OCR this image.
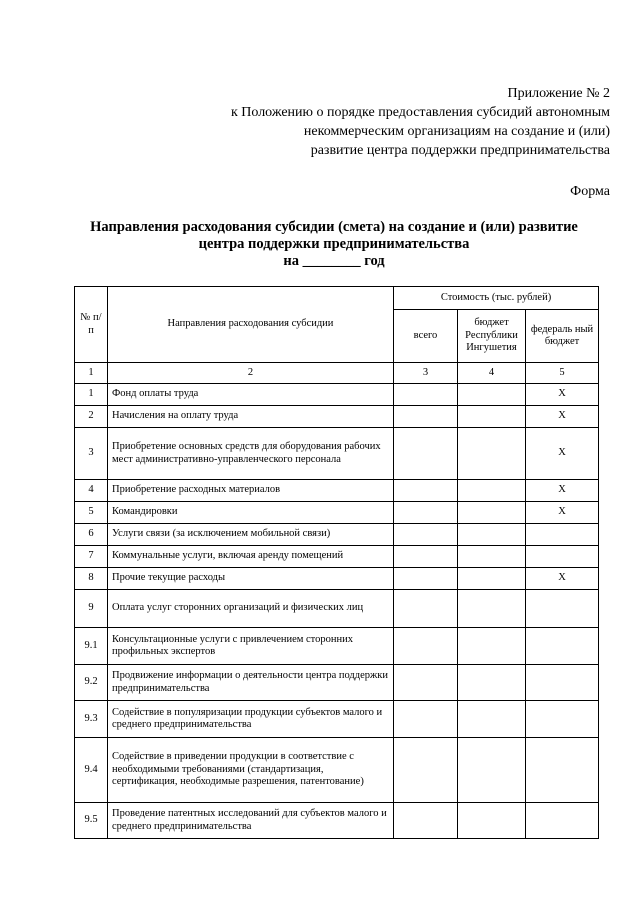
Приложение № 2
к Положению о порядке предоставления субсидий автономным
некоммерческим организациям на создание и (или)
развитие центра поддержки предпринимательства
Форма
Направления расходования субсидии (смета) на создание и (или) развитие
центра поддержки предпринимательства
на ________ год
№ п/п	Направления расходования субсидии	Стоимость (тыс. рублей)		
		всего	бюджет Республики Ингушетия	федераль ный бюджет
1	2	3	4	5
1	Фонд оплаты труда			X
2	Начисления на оплату труда			X
3	Приобретение основных средств для оборудования рабочих мест административно-управленческого персонала			X
4	Приобретение расходных материалов			X
5	Командировки			X
6	Услуги связи (за исключением мобильной связи)			
7	Коммунальные услуги, включая аренду помещений			
8	Прочие текущие расходы			X
9	Оплата услуг сторонних организаций и физических лиц			
9.1	Консультационные услуги с привлечением сторонних профильных экспертов			
9.2	Продвижение информации о деятельности центра поддержки предпринимательства			
9.3	Содействие в популяризации продукции субъектов малого и среднего предпринимательства			
9.4	Содействие в приведении продукции в соответствие с необходимыми требованиями (стандартизация, сертификация, необходимые разрешения, патентование)			
9.5	Проведение патентных исследований для субъектов малого и среднего предпринимательства			
